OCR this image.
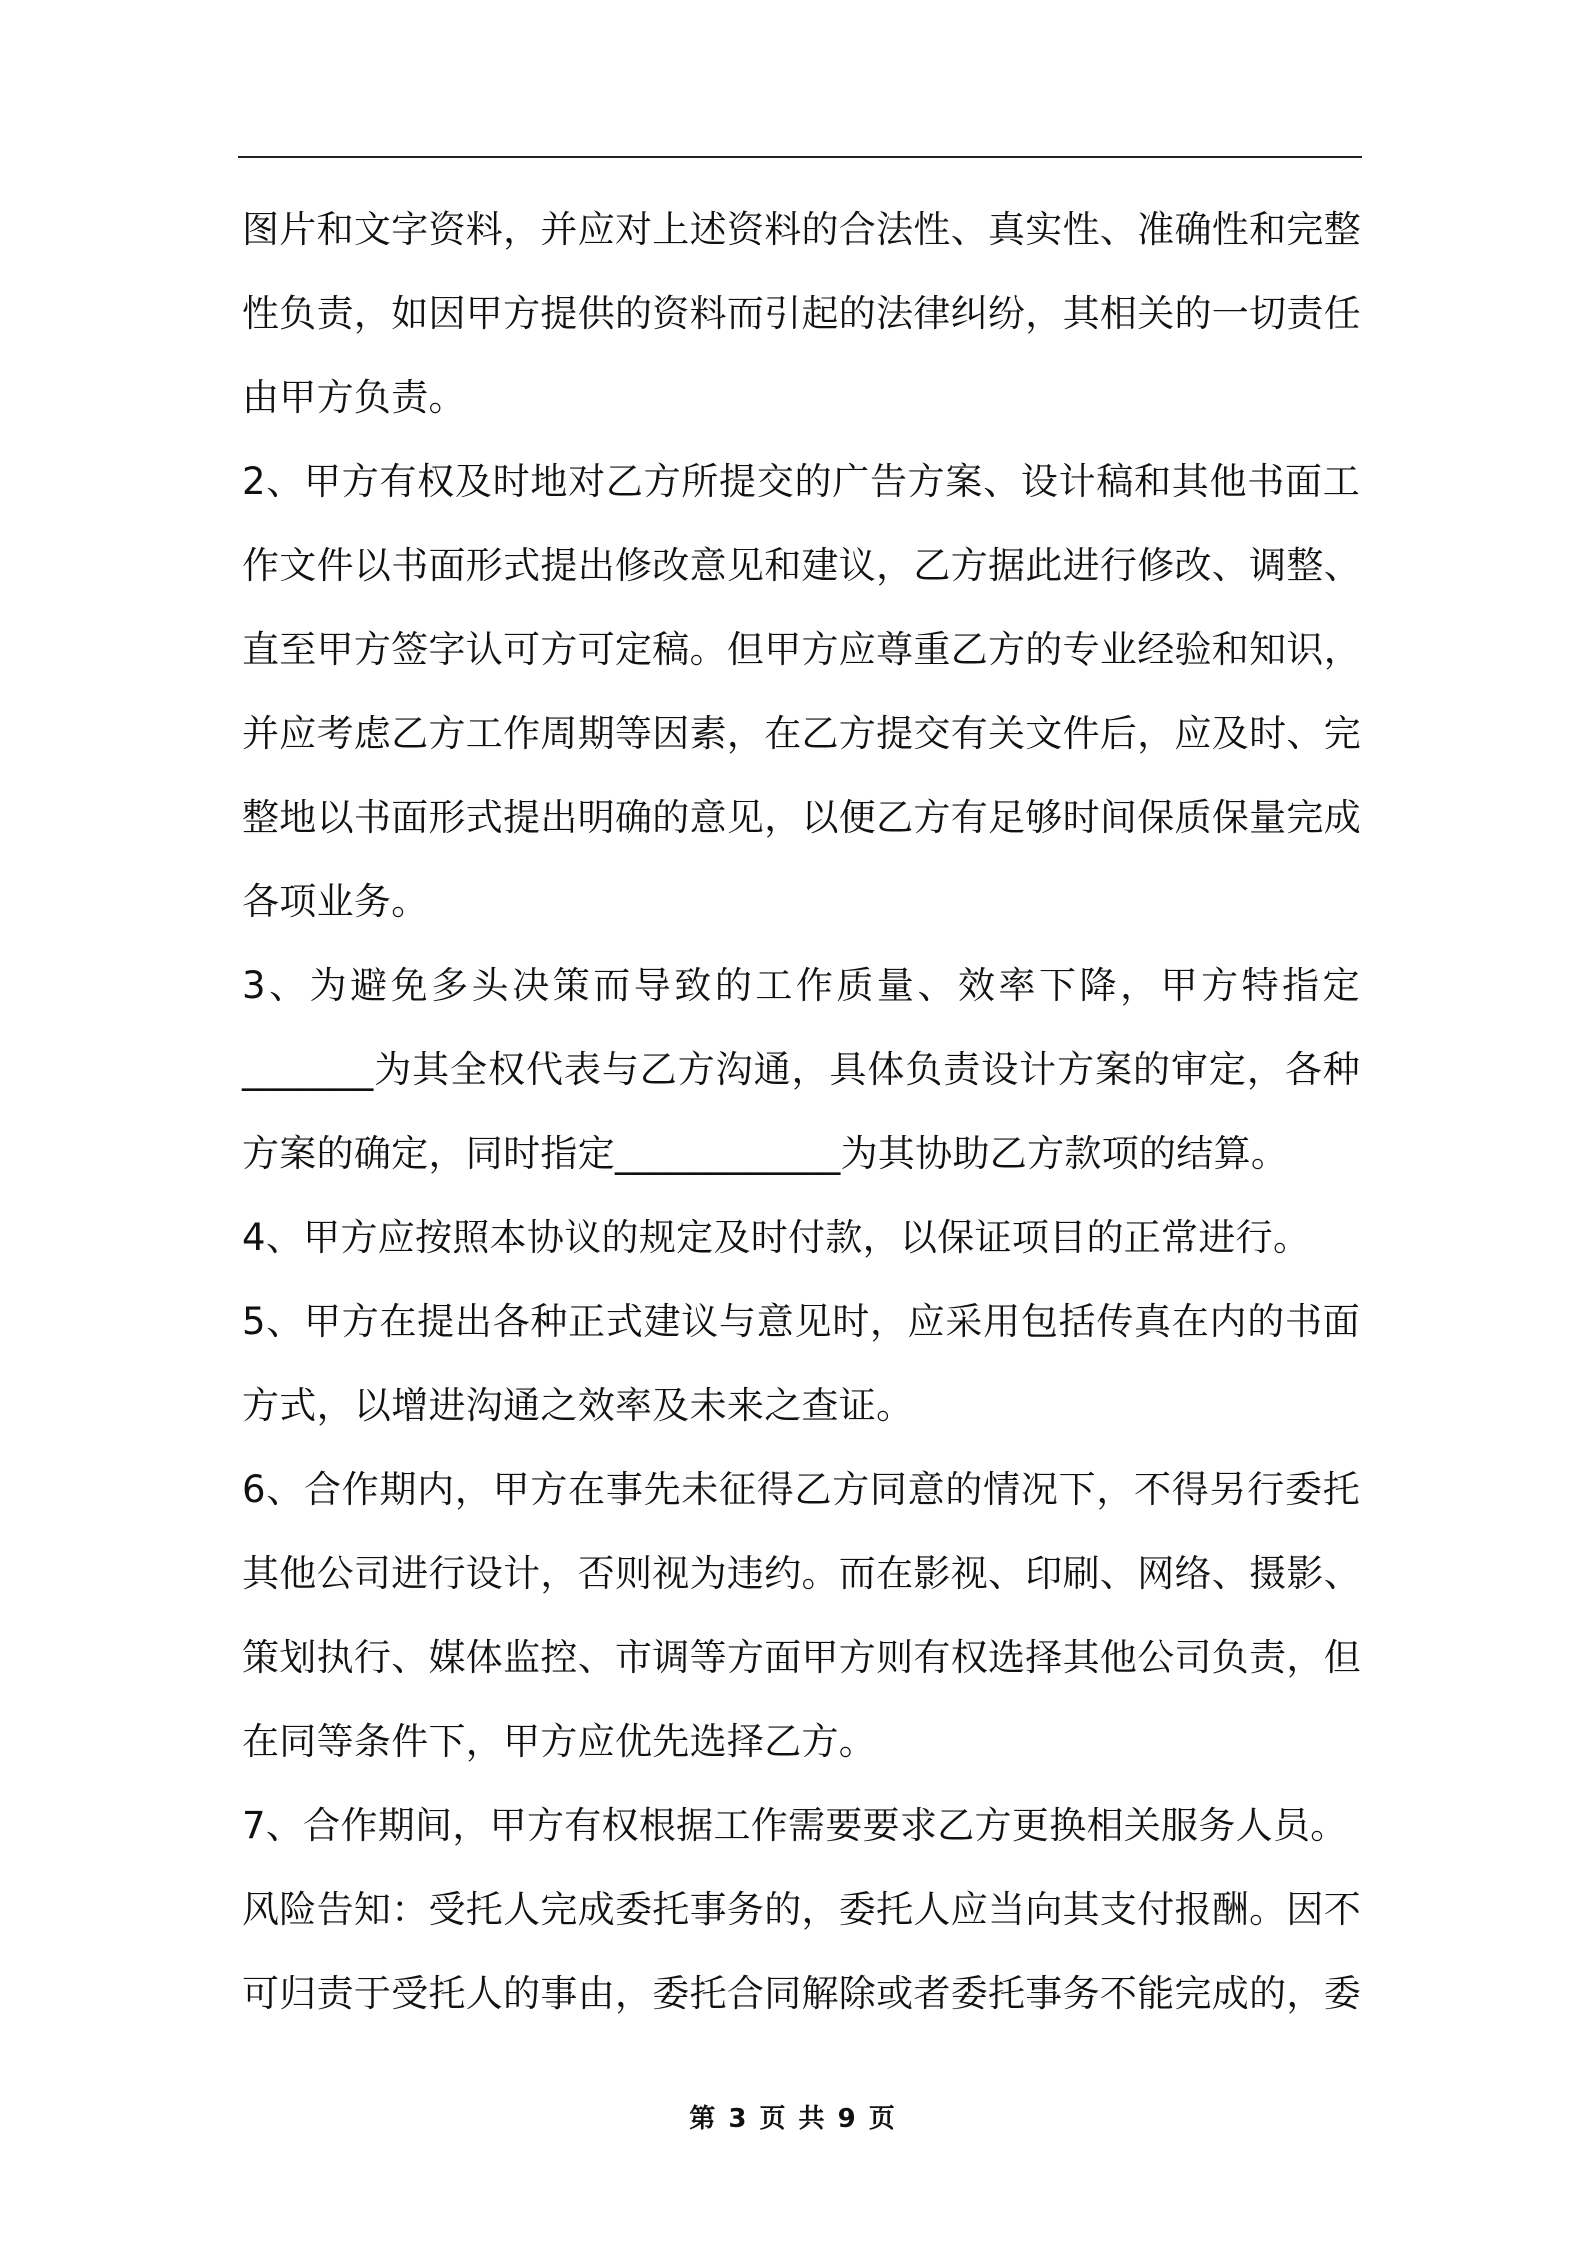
图片和文字资料，并应对上述资料的合法性、真实性、准确性和完整
性负责，如因甲方提供的资料而引起的法律纠纷，其相关的一切责任
由甲方负责。
2、甲方有权及时地对乙方所提交的广告方案、设计稿和其他书面工
作文件以书面形式提出修改意见和建议，乙方据此进行修改、调整、
直至甲方签字认可方可定稿。但甲方应尊重乙方的专业经验和知识，
并应考虑乙方工作周期等因素，在乙方提交有关文件后，应及时、完
整地以书面形式提出明确的意见，以便乙方有足够时间保质保量完成
各项业务。
3、为避免多头决策而导致的工作质量、效率下降，甲方特指定
_______为其全权代表与乙方沟通，具体负责设计方案的审定，各种
方案的确定，同时指定____________为其协助乙方款项的结算。
4、甲方应按照本协议的规定及时付款，以保证项目的正常进行。
5、甲方在提出各种正式建议与意见时，应采用包括传真在内的书面
方式，以增进沟通之效率及未来之查证。
6、合作期内，甲方在事先未征得乙方同意的情况下，不得另行委托
其他公司进行设计，否则视为违约。而在影视、印刷、网络、摄影、
策划执行、媒体监控、市调等方面甲方则有权选择其他公司负责，但
在同等条件下，甲方应优先选择乙方。
7、合作期间，甲方有权根据工作需要要求乙方更换相关服务人员。
风险告知：受托人完成委托事务的，委托人应当向其支付报酬。因不
可归责于受托人的事由，委托合同解除或者委托事务不能完成的，委
第 3 页 共 9 页
